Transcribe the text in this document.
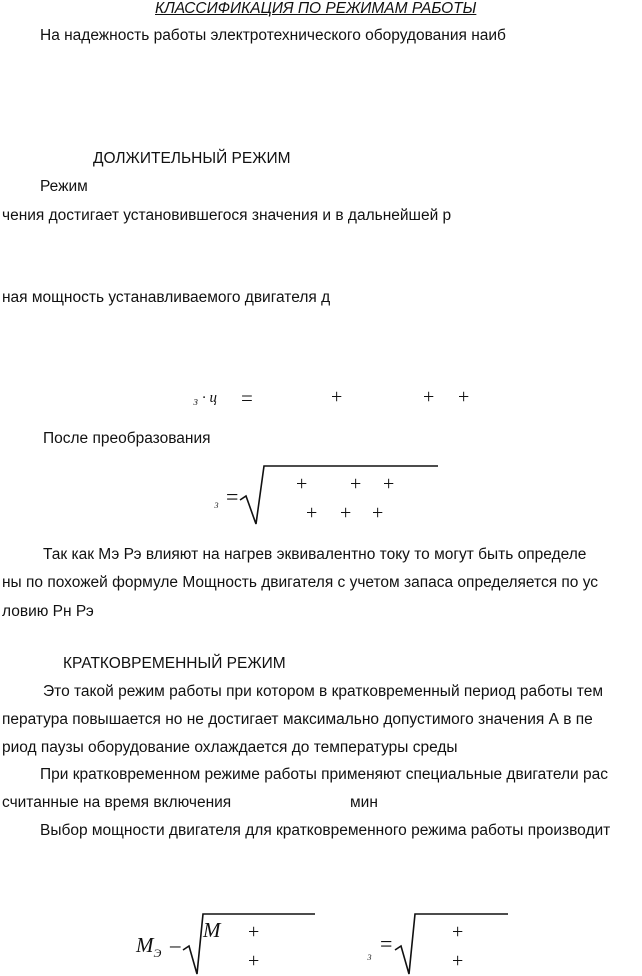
КЛАССИФИКАЦИЯ ПО РЕЖИМАМ РАБОТЫ
На надежность работы электротехнического оборудования наиб
ДОЛЖИТЕЛЬНЫЙ РЕЖИМ
Режим
чения достигает установившегося значения и в дальнейшей р
ная мощность устанавливаемого двигателя д
₃ · ц =	+	+ +
После преобразования
₃ =	+ + +
+ + +
Так как Мэ Рэ влияют на нагрев эквивалентно току то могут быть определе
ны по похожей формуле Мощность двигателя с учетом запаса определяется по ус
ловию Рн Рэ
КРАТКОВРЕМЕННЫЙ РЕЖИМ
Это такой режим работы при котором в кратковременный период работы тем
пература повышается но не достигает максимально допустимого значения А в пе
риод паузы оборудование охлаждается до температуры среды
При кратковременном режиме работы применяют специальные двигатели рас
считанные на время включения	мин
Выбор мощности двигателя для кратковременного режима работы производит
$M_Э$ –
M +
+	₃ =	+
+
